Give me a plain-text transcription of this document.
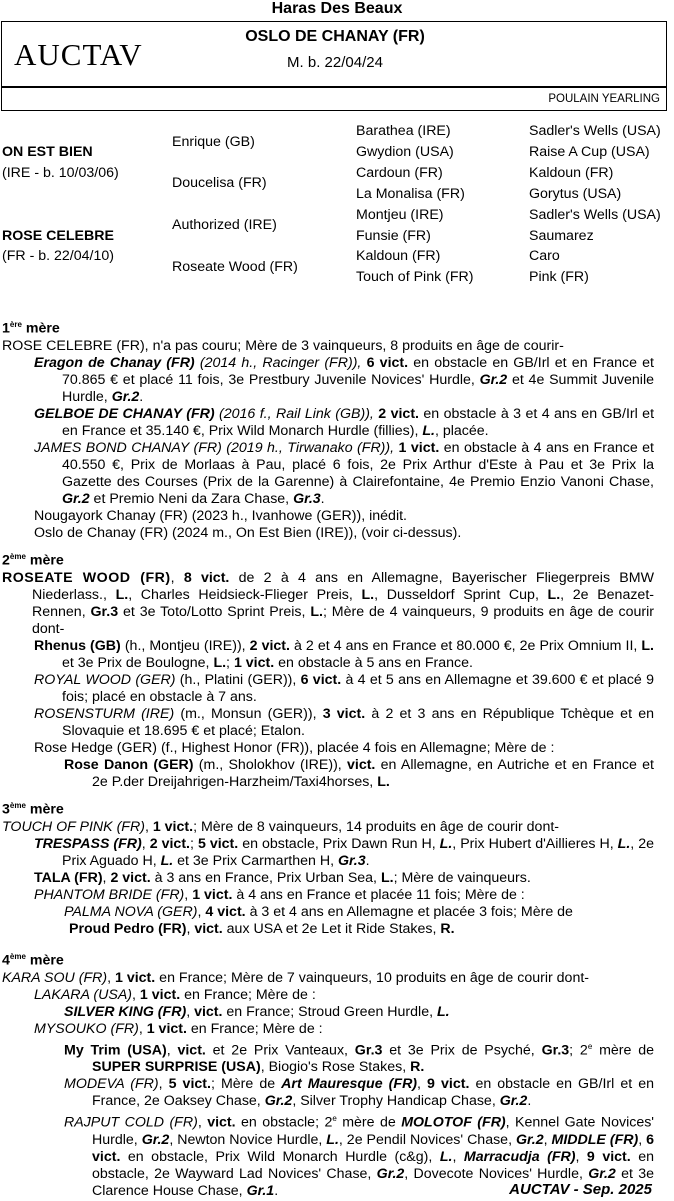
Haras Des Beaux
AUCTAV
OSLO DE CHANAY (FR)
M. b. 22/04/24
POULAIN YEARLING
ON EST BIEN
(IRE - b. 10/03/06)
ROSE CELEBRE
(FR - b. 22/04/10)
Enrique (GB)
Doucelisa (FR)
Authorized (IRE)
Roseate Wood (FR)
Barathea (IRE)
Gwydion (USA)
Cardoun (FR)
La Monalisa (FR)
Montjeu (IRE)
Funsie (FR)
Kaldoun (FR)
Touch of Pink (FR)
Sadler's Wells (USA)
Raise A Cup (USA)
Kaldoun (FR)
Gorytus (USA)
Sadler's Wells (USA)
Saumarez
Caro
Pink (FR)
1ère mère

ROSE CELEBRE (FR), n'a pas couru; Mère de 3 vainqueurs, 8 produits en âge de courir-

Eragon de Chanay (FR) (2014 h., Racinger (FR)), 6 vict. en obstacle en GB/Irl et en France et 70.865 € et placé 11 fois, 3e Prestbury Juvenile Novices' Hurdle, Gr.2 et 4e Summit Juvenile Hurdle, Gr.2.

GELBOE DE CHANAY (FR) (2016 f., Rail Link (GB)), 2 vict. en obstacle à 3 et 4 ans en GB/Irl et en France et 35.140 €, Prix Wild Monarch Hurdle (fillies), L., placée.

JAMES BOND CHANAY (FR) (2019 h., Tirwanako (FR)), 1 vict. en obstacle à 4 ans en France et 40.550 €, Prix de Morlaas à Pau, placé 6 fois, 2e Prix Arthur d'Este à Pau et 3e Prix la Gazette des Courses (Prix de la Garenne) à Clairefontaine, 4e Premio Enzio Vanoni Chase, Gr.2 et Premio Neni da Zara Chase, Gr.3.

Nougayork Chanay (FR) (2023 h., Ivanhowe (GER)), inédit.

Oslo de Chanay (FR) (2024 m., On Est Bien (IRE)), (voir ci-dessus).

2ème mère

ROSEATE WOOD (FR), 8 vict. de 2 à 4 ans en Allemagne, Bayerischer Fliegerpreis BMW Niederlass., L., Charles Heidsieck-Flieger Preis, L., Dusseldorf Sprint Cup, L., 2e Benazet-Rennen, Gr.3 et 3e Toto/Lotto Sprint Preis, L.; Mère de 4 vainqueurs, 9 produits en âge de courir dont-

Rhenus (GB) (h., Montjeu (IRE)), 2 vict. à 2 et 4 ans en France et 80.000 €, 2e Prix Omnium II, L. et 3e Prix de Boulogne, L.; 1 vict. en obstacle à 5 ans en France.

ROYAL WOOD (GER) (h., Platini (GER)), 6 vict. à 4 et 5 ans en Allemagne et 39.600 € et placé 9 fois; placé en obstacle à 7 ans.

ROSENSTURM (IRE) (m., Monsun (GER)), 3 vict. à 2 et 3 ans en République Tchèque et en Slovaquie et 18.695 € et placé; Etalon.

Rose Hedge (GER) (f., Highest Honor (FR)), placée 4 fois en Allemagne; Mère de :

Rose Danon (GER) (m., Sholokhov (IRE)), vict. en Allemagne, en Autriche et en France et 2e P.der Dreijahrigen-Harzheim/Taxi4horses, L.

3ème mère

TOUCH OF PINK (FR), 1 vict.; Mère de 8 vainqueurs, 14 produits en âge de courir dont-

TRESPASS (FR), 2 vict.; 5 vict. en obstacle, Prix Dawn Run H, L., Prix Hubert d'Aillieres H, L., 2e Prix Aguado H, L. et 3e Prix Carmarthen H, Gr.3.

TALA (FR), 2 vict. à 3 ans en France, Prix Urban Sea, L.; Mère de vainqueurs.

PHANTOM BRIDE (FR), 1 vict. à 4 ans en France et placée 11 fois; Mère de :

PALMA NOVA (GER), 4 vict. à 3 et 4 ans en Allemagne et placée 3 fois; Mère de

Proud Pedro (FR), vict. aux USA et 2e Let it Ride Stakes, R.

4ème mère

KARA SOU (FR), 1 vict. en France; Mère de 7 vainqueurs, 10 produits en âge de courir dont-

LAKARA (USA), 1 vict. en France; Mère de :

SILVER KING (FR), vict. en France; Stroud Green Hurdle, L.

MYSOUKO (FR), 1 vict. en France; Mère de :

My Trim (USA), vict. et 2e Prix Vanteaux, Gr.3 et 3e Prix de Psyché, Gr.3; 2e mère de SUPER SURPRISE (USA), Biogio's Rose Stakes, R.

MODEVA (FR), 5 vict.; Mère de Art Mauresque (FR), 9 vict. en obstacle en GB/Irl et en France, 2e Oaksey Chase, Gr.2, Silver Trophy Handicap Chase, Gr.2.

RAJPUT COLD (FR), vict. en obstacle; 2e mère de MOLOTOF (FR), Kennel Gate Novices' Hurdle, Gr.2, Newton Novice Hurdle, L., 2e Pendil Novices' Chase, Gr.2, MIDDLE (FR), 6 vict. en obstacle, Prix Wild Monarch Hurdle (c&g), L., Marracudja (FR), 9 vict. en obstacle, 2e Wayward Lad Novices' Chase, Gr.2, Dovecote Novices' Hurdle, Gr.2 et 3e Clarence House Chase, Gr.1.	AUCTAV - Sep. 2025
